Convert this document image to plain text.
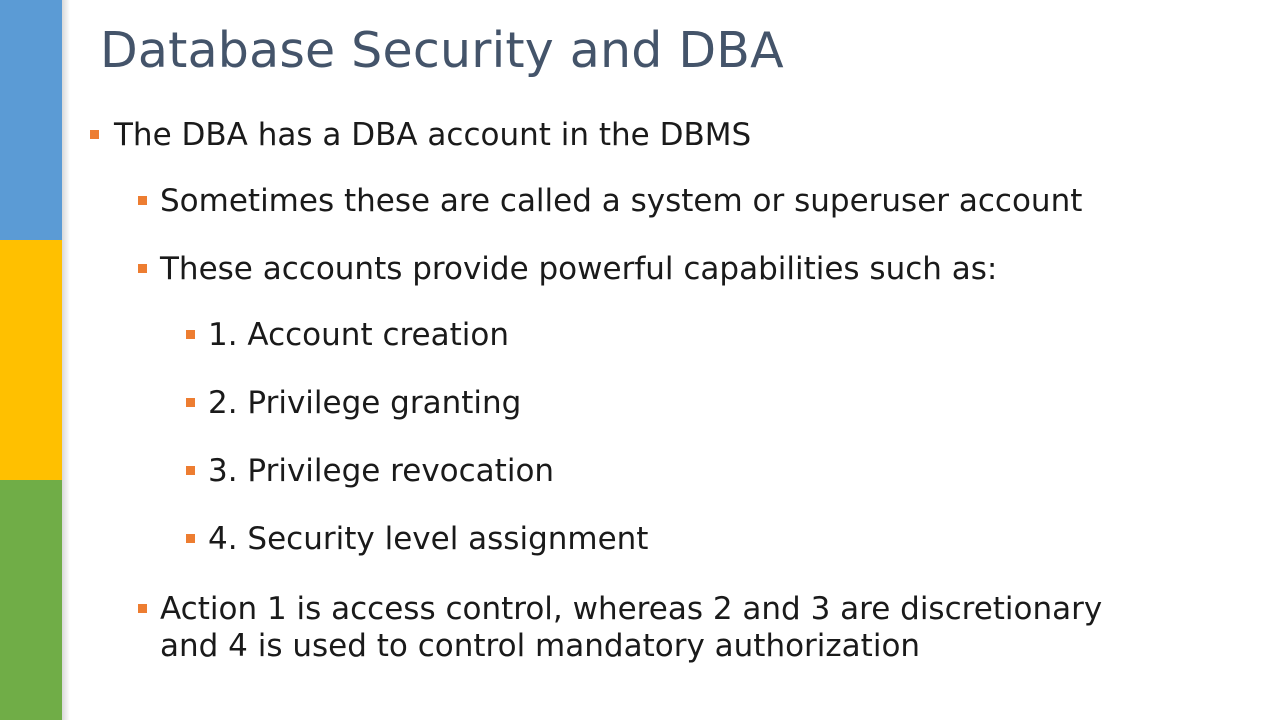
Database Security and DBA
The DBA has a DBA account in the DBMS
Sometimes these are called a system or superuser account
These accounts provide powerful capabilities such as:
1. Account creation
2. Privilege granting
3. Privilege revocation
4. Security level assignment
Action 1 is access control, whereas 2 and 3 are discretionary
and 4 is used to control mandatory authorization
